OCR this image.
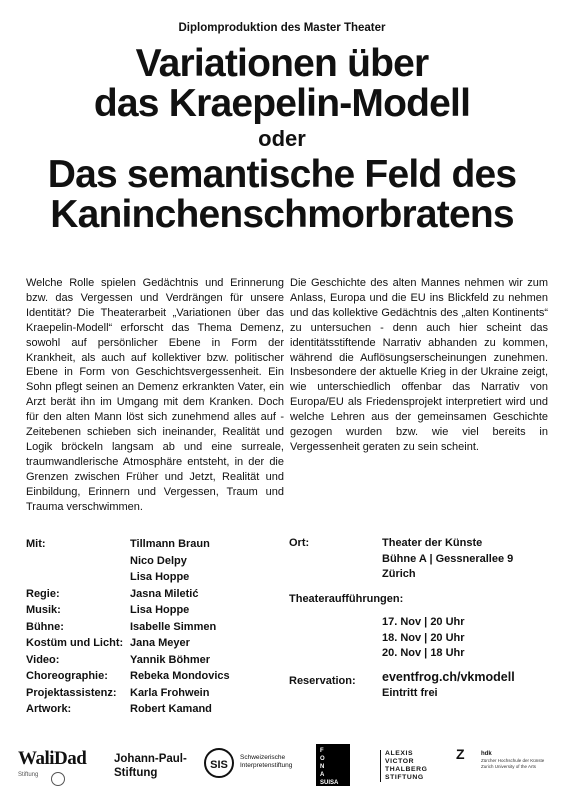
Diplomproduktion des Master Theater
Variationen über
das Kraepelin-Modell
oder
Das semantische Feld des
Kaninchenschmorbratens
Welche Rolle spielen Gedächtnis und Erinnerung bzw. das Vergessen und Verdrängen für unsere Identität? Die Theaterarbeit „Variationen über das Kraepelin-Modell“ erforscht das Thema Demenz, sowohl auf persönlicher Ebene in Form der Krankheit, als auch auf kollektiver bzw. politischer Ebene in Form von Geschichtsvergessenheit. Ein Sohn pflegt seinen an Demenz erkrankten Vater, ein Arzt berät ihn im Umgang mit dem Kranken. Doch für den alten Mann löst sich zunehmend alles auf - Zeitebenen schieben sich ineinander, Realität und Logik bröckeln langsam ab und eine surreale, traumwandlerische Atmosphäre entsteht, in der die Grenzen zwischen Früher und Jetzt, Realität und Einbildung, Erinnern und Vergessen, Traum und Trauma verschwimmen.
Die Geschichte des alten Mannes nehmen wir zum Anlass, Europa und die EU ins Blickfeld zu nehmen und das kollektive Gedächtnis des „alten Kontinents“ zu untersuchen - denn auch hier scheint das identitätsstiftende Narrativ abhanden zu kommen, während die Auflösungserscheinungen zunehmen. Insbesondere der aktuelle Krieg in der Ukraine zeigt, wie unterschiedlich offenbar das Narrativ von Europa/EU als Friedensprojekt interpretiert wird und welche Lehren aus der gemeinsamen Geschichte gezogen wurden bzw. wie viel bereits in Vergessenheit geraten zu sein scheint.
Mit:	Tillmann Braun
Nico Delpy
Lisa Hoppe
Regie:	Jasna Miletić
Musik:	Lisa Hoppe
Bühne:	Isabelle Simmen
Kostüm und Licht: Jana Meyer
Video:	Yannik Böhmer
Choreographie:	Rebeka Mondovics
Projektassistenz:	Karla Frohwein
Artwork:	Robert Kamand
Ort:	Theater der Künste
Bühne A | Gessnerallee 9
Zürich
Theateraufführungen:
17. Nov | 20 Uhr
18. Nov | 20 Uhr
20. Nov | 18 Uhr
Reservation: eventfrog.ch/vkmodell
Eintritt frei
WaliDad
Stiftung
Johann-Paul-
Stiftung
SIS
Schweizerische
Interpretenstiftung
F
O
N
A
SUISA
ALEXIS
VICTOR
THALBERG
STIFTUNG
Z	hdk
Zürcher Hochschule der Künste
Zurich University of the Arts
